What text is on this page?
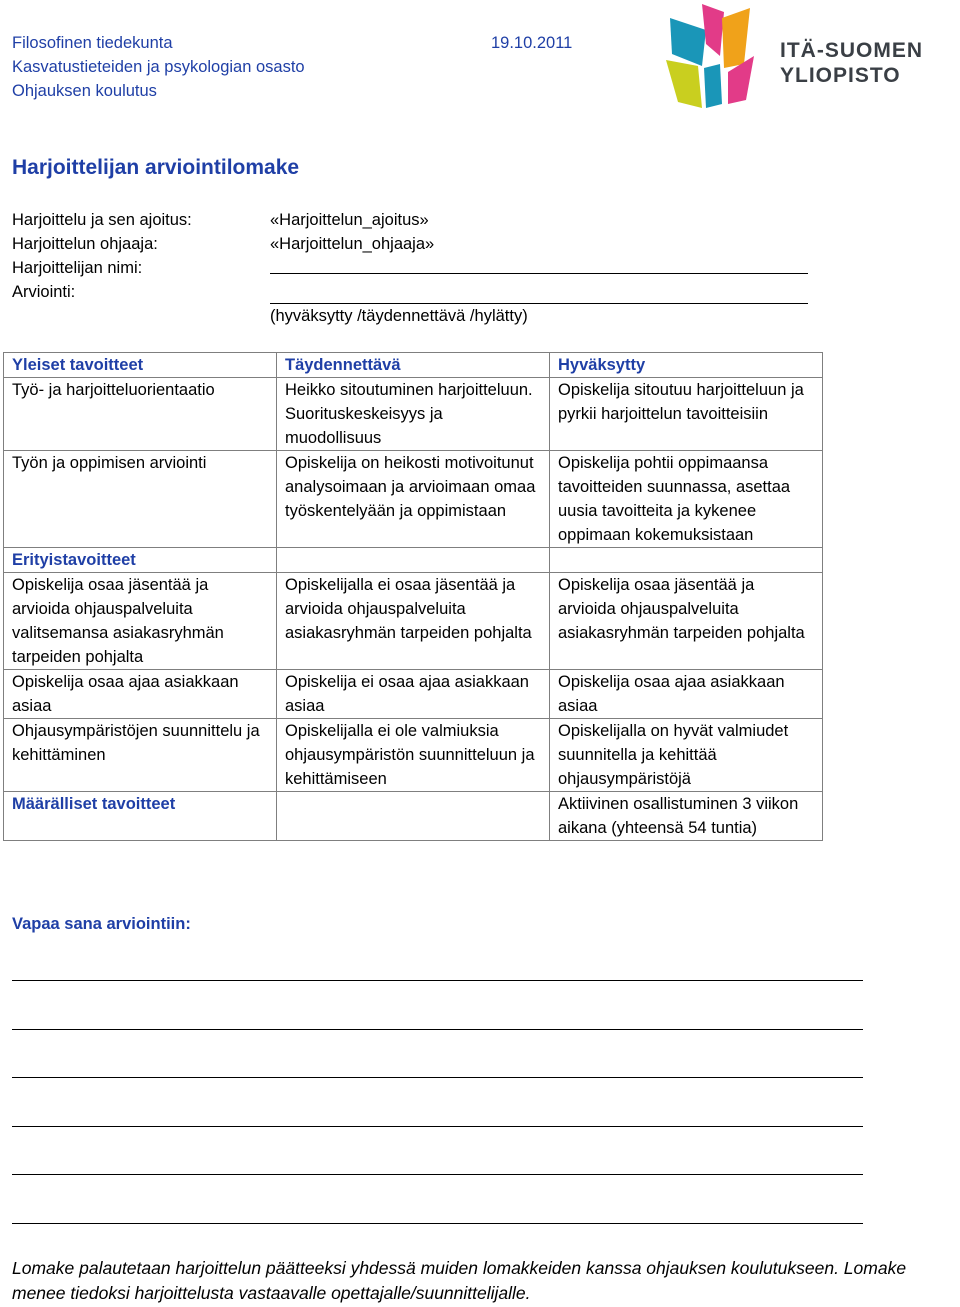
Filosofinen tiedekunta
Kasvatustieteiden ja psykologian osasto
Ohjauksen koulutus
19.10.2011	ITÄ-SUOMEN
YLIOPISTO
Harjoittelijan arviointilomake
Harjoittelu ja sen ajoitus:	«Harjoittelun_ajoitus»
Harjoittelun ohjaaja:	«Harjoittelun_ohjaaja»
Harjoittelijan nimi:
Arviointi:
(hyväksytty /täydennettävä /hylätty)
Yleiset tavoitteet	Täydennettävä	Hyväksytty
Työ- ja harjoitteluorientaatio	Heikko sitoutuminen harjoitteluun. Suorituskeskeisyys ja muodollisuus	Opiskelija sitoutuu harjoitteluun ja pyrkii harjoittelun tavoitteisiin
Työn ja oppimisen arviointi	Opiskelija on heikosti motivoitunut analysoimaan ja arvioimaan omaa työskentelyään ja oppimistaan	Opiskelija pohtii oppimaansa tavoitteiden suunnassa, asettaa uusia tavoitteita ja kykenee oppimaan kokemuksistaan
Erityistavoitteet		
Opiskelija osaa jäsentää ja arvioida ohjauspalveluita valitsemansa asiakasryhmän tarpeiden pohjalta	Opiskelijalla ei osaa jäsentää ja arvioida ohjauspalveluita asiakasryhmän tarpeiden pohjalta	Opiskelija osaa jäsentää ja arvioida ohjauspalveluita asiakasryhmän tarpeiden pohjalta
Opiskelija osaa ajaa asiakkaan asiaa	Opiskelija ei osaa ajaa asiakkaan asiaa	Opiskelija osaa ajaa asiakkaan asiaa
Ohjausympäristöjen suunnittelu ja kehittäminen	Opiskelijalla ei ole valmiuksia ohjausympäristön suunnitteluun ja kehittämiseen	Opiskelijalla on hyvät valmiudet suunnitella ja kehittää ohjausympäristöjä
Määrälliset tavoitteet		Aktiivinen osallistuminen 3 viikon aikana (yhteensä 54 tuntia)
Vapaa sana arviointiin:
Lomake palautetaan harjoittelun päätteeksi yhdessä muiden lomakkeiden kanssa ohjauksen koulutukseen. Lomake menee tiedoksi harjoittelusta vastaavalle opettajalle/suunnittelijalle.
